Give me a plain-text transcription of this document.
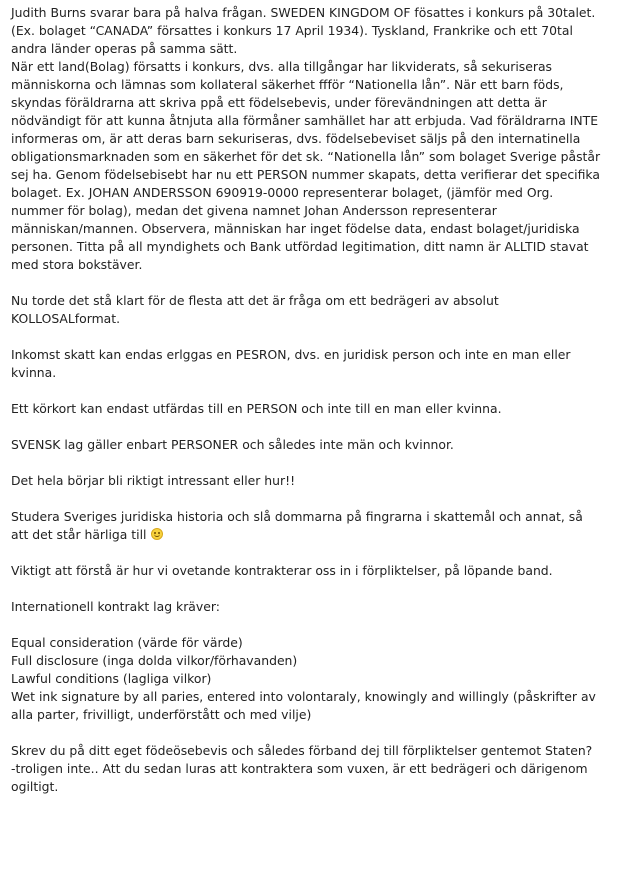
Judith Burns svarar bara på halva frågan. SWEDEN KINGDOM OF fösattes i konkurs på 30talet.
(Ex. bolaget “CANADA” försattes i konkurs 17 April 1934). Tyskland, Frankrike och ett 70tal
andra länder operas på samma sätt.
När ett land(Bolag) försatts i konkurs, dvs. alla tillgångar har likviderats, så sekuriseras
människorna och lämnas som kollateral säkerhet ffför “Nationella lån”. När ett barn föds,
skyndas föräldrarna att skriva ppå ett födelsebevis, under förevändningen att detta är
nödvändigt för att kunna åtnjuta alla förmåner samhället har att erbjuda. Vad föräldrarna INTE
informeras om, är att deras barn sekuriseras, dvs. födelsebeviset säljs på den internatinella
obligationsmarknaden som en säkerhet för det sk. “Nationella lån” som bolaget Sverige påstår
sej ha. Genom födelsebisebt har nu ett PERSON nummer skapats, detta verifierar det specifika
bolaget. Ex. JOHAN ANDERSSON 690919-0000 representerar bolaget, (jämför med Org.
nummer för bolag), medan det givena namnet Johan Andersson representerar
människan/mannen. Observera, människan har inget födelse data, endast bolaget/juridiska
personen. Titta på all myndighets och Bank utfördad legitimation, ditt namn är ALLTID stavat
med stora bokstäver.

Nu torde det stå klart för de flesta att det är fråga om ett bedrägeri av absolut
KOLLOSALformat.

Inkomst skatt kan endas erlggas en PESRON, dvs. en juridisk person och inte en man eller
kvinna.

Ett körkort kan endast utfärdas till en PERSON och inte till en man eller kvinna.

SVENSK lag gäller enbart PERSONER och således inte män och kvinnor.

Det hela börjar bli riktigt intressant eller hur!!

Studera Sveriges juridiska historia och slå dommarna på fingrarna i skattemål och annat, så
att det står härliga till

Viktigt att förstå är hur vi ovetande kontrakterar oss in i förpliktelser, på löpande band.

Internationell kontrakt lag kräver:

Equal consideration (värde för värde)
Full disclosure (inga dolda vilkor/förhavanden)
Lawful conditions (lagliga vilkor)
Wet ink signature by all paries, entered into volontaraly, knowingly and willingly (påskrifter av
alla parter, frivilligt, underförstått och med vilje)

Skrev du på ditt eget födeösebevis och således förband dej till förpliktelser gentemot Staten?
-troligen inte.. Att du sedan luras att kontraktera som vuxen, är ett bedrägeri och därigenom
ogiltigt.
